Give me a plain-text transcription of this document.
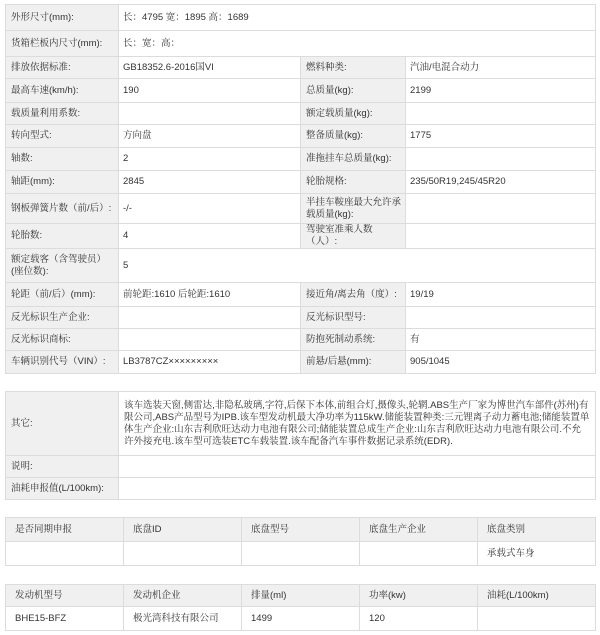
外形尺寸(mm):	长：4795 宽：1895 高：1689		
货箱栏板内尺寸(mm):	长：宽：高：		
排放依据标准:	GB18352.6-2016国VI	燃料种类:	汽油/电混合动力
最高车速(km/h):	190	总质量(kg):	2199
载质量利用系数:		额定载质量(kg):	
转向型式:	方向盘	整备质量(kg):	1775
轴数:	2	准拖挂车总质量(kg):	
轴距(mm):	2845	轮胎规格:	235/50R19,245/45R20
钢板弹簧片数（前/后）:	-/-	半挂车鞍座最大允许承载质量(kg):	
轮胎数:	4	驾驶室准乘人数（人）:	
额定载客（含驾驶员）(座位数):	5		
轮距（前/后）(mm):	前轮距:1610 后轮距:1610	接近角/离去角（度）:	19/19
反光标识生产企业:		反光标识型号:	
反光标识商标:		防抱死制动系统:	有
车辆识别代号（VIN）:	LB3787CZ×××××××××	前悬/后悬(mm):	905/1045
其它:	该车选装天窗,侧雷达,非隐私玻璃,字符,后保下本体,前组合灯,摄像头,轮辋.ABS生产厂家为博世汽车部件(苏州)有限公司,ABS产品型号为IPB.该车型发动机最大净功率为115kW.储能装置种类:三元锂离子动力蓄电池;储能装置单体生产企业:山东吉利欣旺达动力电池有限公司;储能装置总成生产企业:山东吉利欣旺达动力电池有限公司.不允许外接充电.该车型可选装ETC车载装置.该车配备汽车事件数据记录系统(EDR).
说明:	
油耗申报值(L/100km):	
是否同期申报	底盘ID	底盘型号	底盘生产企业	底盘类别
				承载式车身
发动机型号	发动机企业	排量(ml)	功率(kw)	油耗(L/100km)
BHE15-BFZ	极光湾科技有限公司	1499	120	
